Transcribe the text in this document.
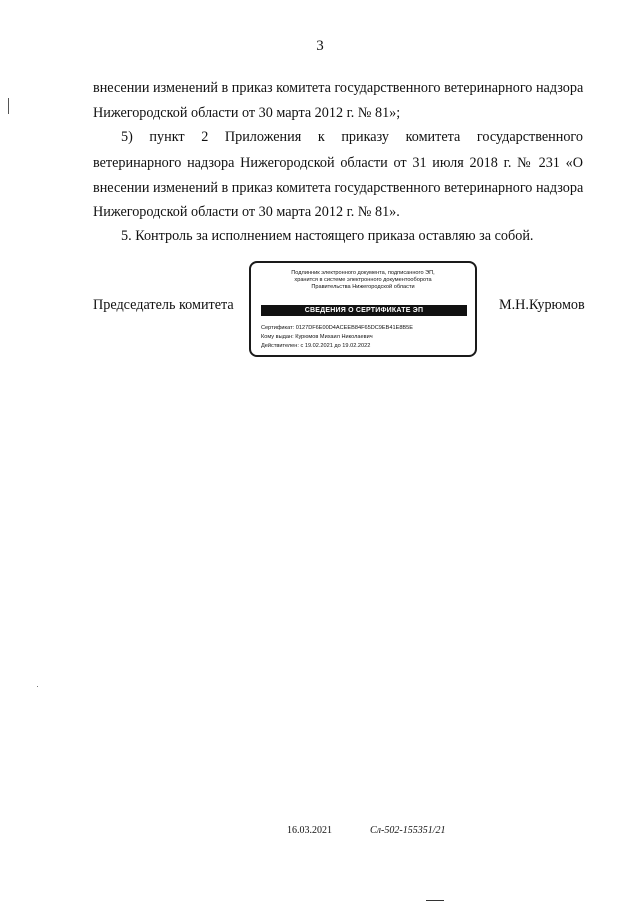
3
внесении изменений в приказ комитета государственного ветеринарного надзора
Нижегородской области от 30 марта 2012 г. № 81»;
5) пункт 2 Приложения к приказу комитета государственного
ветеринарного надзора Нижегородской области от 31 июля 2018 г. № 231 «О
внесении изменений в приказ комитета государственного ветеринарного надзора
Нижегородской области от 30 марта 2012 г. № 81».
5. Контроль за исполнением настоящего приказа оставляю за собой.
Председатель комитета
Подлинник электронного документа, подписанного ЭП,
хранится в системе электронного документооборота
Правительства Нижегородской области
СВЕДЕНИЯ О СЕРТИФИКАТЕ ЭП
Сертификат: 0127DF6E00D4ACEEB84F65DC9EB41E8B5E
Кому выдан: Курюмов Михаил Николаевич
Действителен: с 19.02.2021 до 19.02.2022
М.Н.Курюмов
16.03.2021	Сл-502-155351/21
